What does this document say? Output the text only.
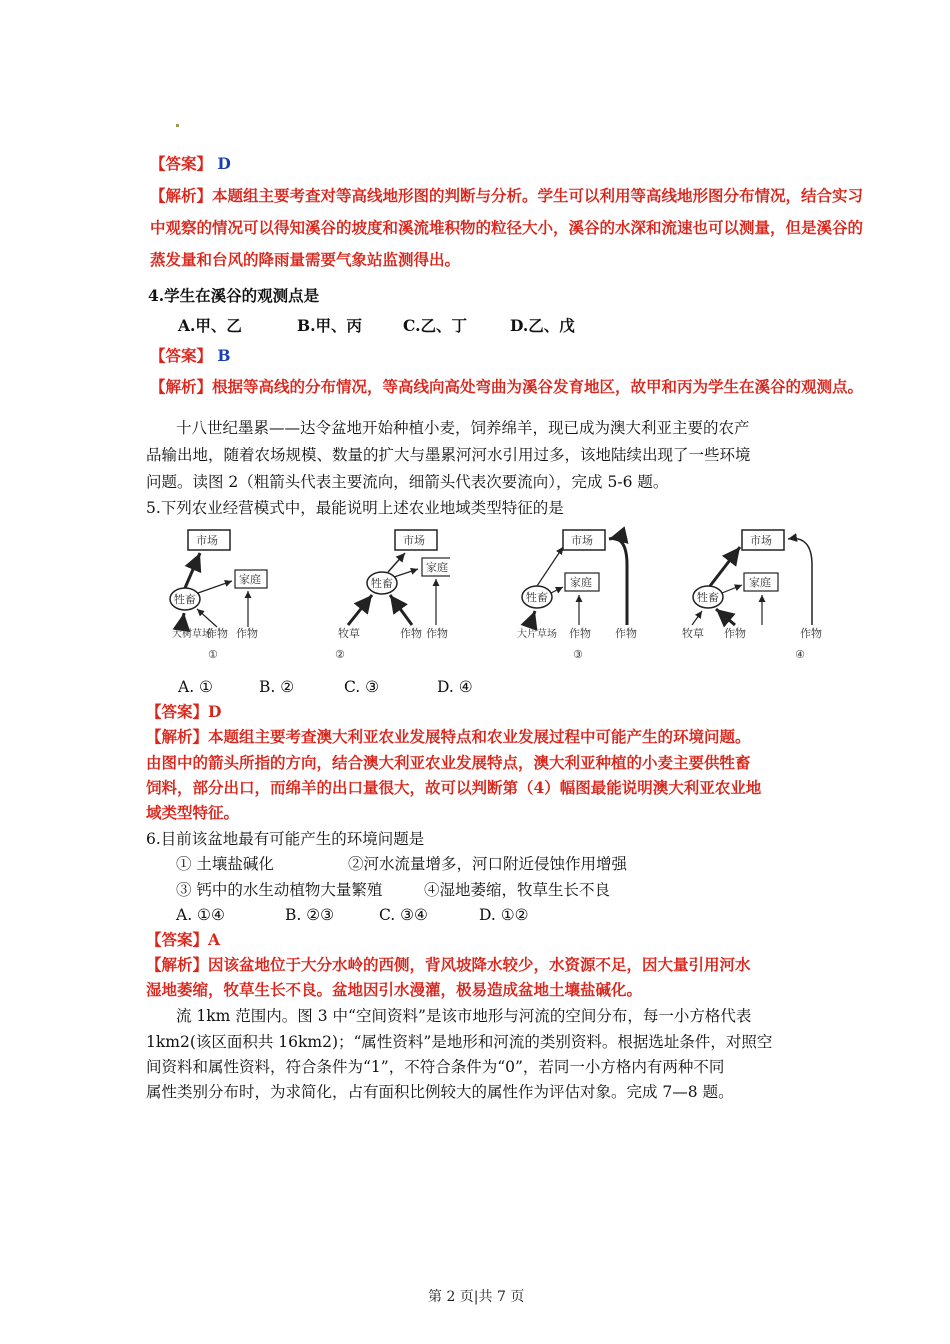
【答案】 D
【解析】本题组主要考查对等高线地形图的判断与分析。学生可以利用等高线地形图分布情况，结合实习
中观察的情况可以得知溪谷的坡度和溪流堆积物的粒径大小，溪谷的水深和流速也可以测量，但是溪谷的
蒸发量和台风的降雨量需要气象站监测得出。
4.学生在溪谷的观测点是
A.甲、乙	B.甲、丙	C.乙、丁	D.乙、戊
【答案】 B
【解析】根据等高线的分布情况，等高线向高处弯曲为溪谷发育地区，故甲和丙为学生在溪谷的观测点。
十八世纪墨累——达令盆地开始种植小麦，饲养绵羊，现已成为澳大利亚主要的农产
品输出地，随着农场规模、数量的扩大与墨累河河水引用过多，该地陆续出现了一些环境
问题。读图 2（粗箭头代表主要流向，细箭头代表次要流向），完成 5-6 题。
5.下列农业经营模式中，最能说明上述农业地域类型特征的是
市场
家庭
牲畜
大树草场
作物 作物
①
市场
家庭
牲畜
牧草	作物 作物
②
市场
家庭
牲畜
大片草场 作物 作物
③
市场
家庭
牲畜
牧草 作物	作物
④
A. ①	B. ②	C. ③	D. ④
【答案】D
【解析】本题组主要考查澳大利亚农业发展特点和农业发展过程中可能产生的环境问题。
由图中的箭头所指的方向，结合澳大利亚农业发展特点，澳大利亚种植的小麦主要供牲畜
饲料，部分出口，而绵羊的出口量很大，故可以判断第（4）幅图最能说明澳大利亚农业地
域类型特征。
6.目前该盆地最有可能产生的环境问题是
① 土壤盐碱化	②河水流量增多，河口附近侵蚀作用增强
③ 钙中的水生动植物大量繁殖	④湿地萎缩，牧草生长不良
A. ①④	B. ②③	C. ③④	D. ①②
【答案】A
【解析】因该盆地位于大分水岭的西侧，背风坡降水较少，水资源不足，因大量引用河水
湿地萎缩，牧草生长不良。盆地因引水漫灌，极易造成盆地土壤盐碱化。
流 1km 范围内。图 3 中“空间资料”是该市地形与河流的空间分布，每一小方格代表
1km2(该区面积共 16km2)；“属性资料”是地形和河流的类别资料。根据选址条件，对照空
间资料和属性资料，符合条件为“1”，不符合条件为“0”，若同一小方格内有两种不同
属性类别分布时，为求简化，占有面积比例较大的属性作为评估对象。完成 7—8 题。
第 2 页|共 7 页
